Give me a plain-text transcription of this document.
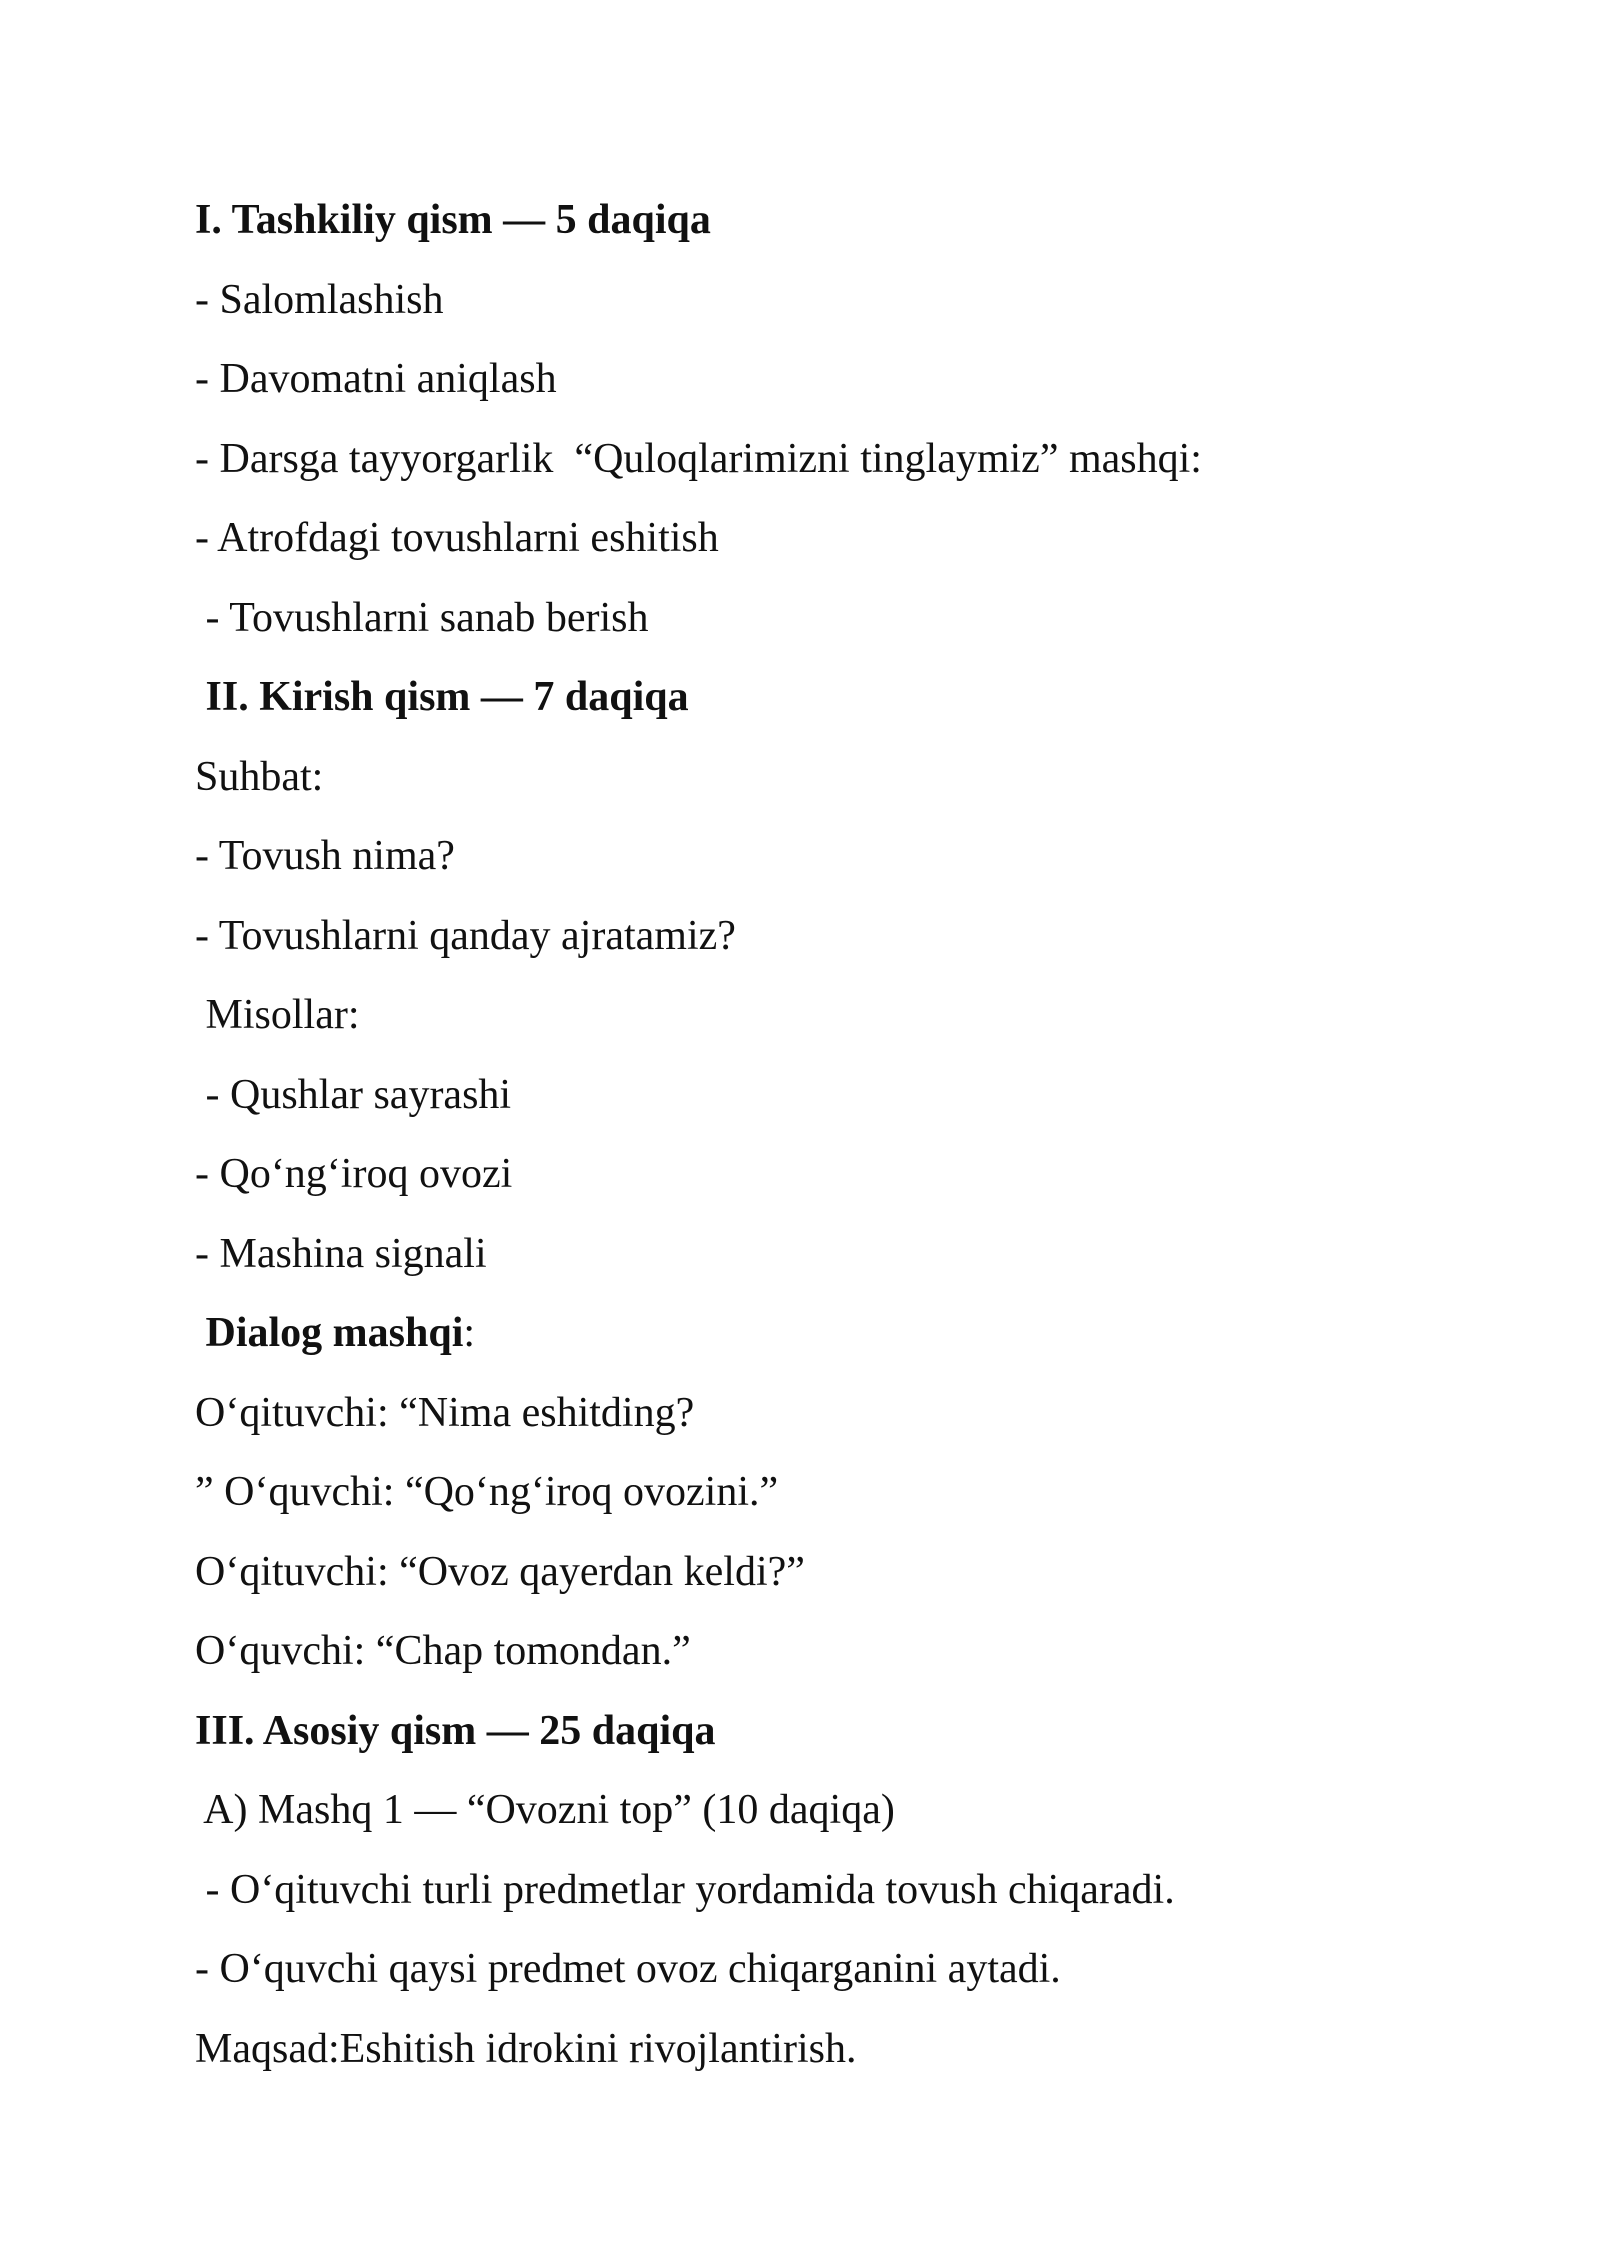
I. Tashkiliy qism — 5 daqiqa
- Salomlashish
- Davomatni aniqlash
- Darsga tayyorgarlik  “Quloqlarimizni tinglaymiz” mashqi:
- Atrofdagi tovushlarni eshitish
- Tovushlarni sanab berish
II. Kirish qism — 7 daqiqa
Suhbat:
- Tovush nima?
- Tovushlarni qanday ajratamiz?
Misollar:
- Qushlar sayrashi
- Qo‘ng‘iroq ovozi
- Mashina signali
Dialog mashqi:
O‘qituvchi: “Nima eshitding?
” O‘quvchi: “Qo‘ng‘iroq ovozini.”
O‘qituvchi: “Ovoz qayerdan keldi?”
O‘quvchi: “Chap tomondan.”
III. Asosiy qism — 25 daqiqa
A) Mashq 1 — “Ovozni top” (10 daqiqa)
- O‘qituvchi turli predmetlar yordamida tovush chiqaradi.
- O‘quvchi qaysi predmet ovoz chiqarganini aytadi.
Maqsad:Eshitish idrokini rivojlantirish.
